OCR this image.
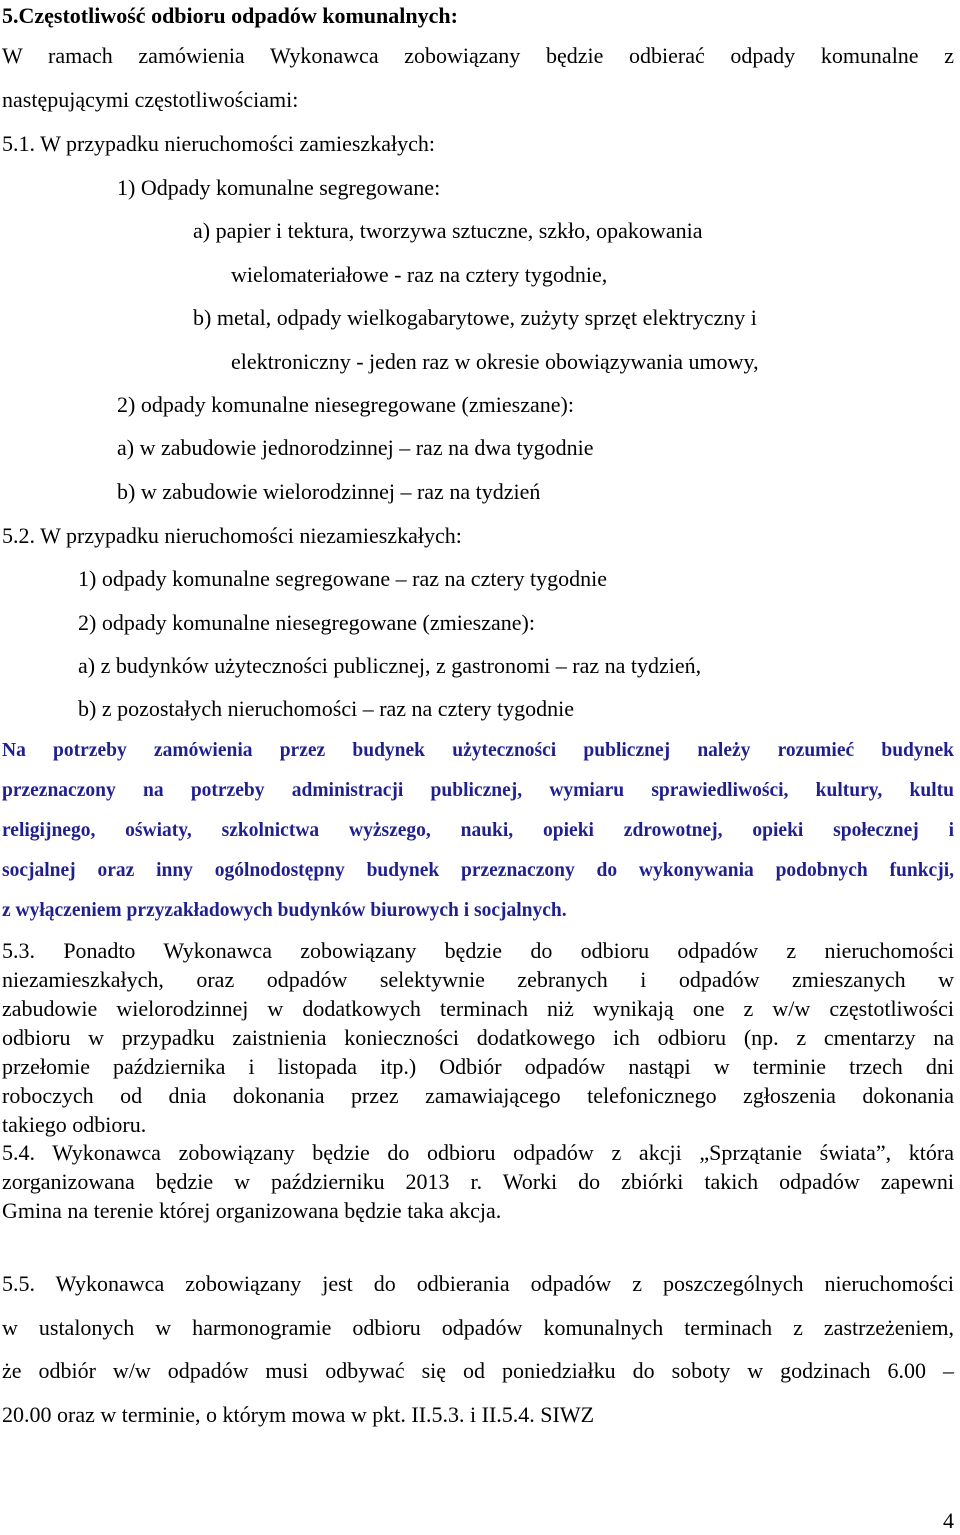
5.Częstotliwość odbioru odpadów komunalnych:
W ramach zamówienia Wykonawca zobowiązany będzie odbierać odpady komunalne z
następującymi częstotliwościami:
5.1. W przypadku nieruchomości zamieszkałych:
1) Odpady komunalne segregowane:
a) papier i tektura, tworzywa sztuczne, szkło, opakowania
wielomateriałowe - raz na cztery tygodnie,
b) metal, odpady wielkogabarytowe, zużyty sprzęt elektryczny i
elektroniczny - jeden raz w okresie obowiązywania umowy,
2) odpady komunalne niesegregowane (zmieszane):
a) w zabudowie jednorodzinnej – raz na dwa tygodnie
b) w zabudowie wielorodzinnej – raz na tydzień
5.2. W przypadku nieruchomości niezamieszkałych:
1) odpady komunalne segregowane – raz na cztery tygodnie
2) odpady komunalne niesegregowane (zmieszane):
a) z budynków użyteczności publicznej, z gastronomi – raz na tydzień,
b) z pozostałych nieruchomości – raz na cztery tygodnie
Na potrzeby zamówienia przez budynek użyteczności publicznej należy rozumieć budynek
przeznaczony na potrzeby administracji publicznej, wymiaru sprawiedliwości, kultury, kultu
religijnego, oświaty, szkolnictwa wyższego, nauki, opieki zdrowotnej, opieki społecznej i
socjalnej oraz inny ogólnodostępny budynek przeznaczony do wykonywania podobnych funkcji,
z wyłączeniem przyzakładowych budynków biurowych i socjalnych.
5.3. Ponadto Wykonawca zobowiązany będzie do odbioru odpadów z nieruchomości
niezamieszkałych, oraz odpadów selektywnie zebranych i odpadów zmieszanych w
zabudowie wielorodzinnej w dodatkowych terminach niż wynikają one z w/w częstotliwości
odbioru w przypadku zaistnienia konieczności dodatkowego ich odbioru (np. z cmentarzy na
przełomie października i listopada itp.) Odbiór odpadów nastąpi w terminie trzech dni
roboczych od dnia dokonania przez zamawiającego telefonicznego zgłoszenia dokonania
takiego odbioru.
5.4. Wykonawca zobowiązany będzie do odbioru odpadów z akcji „Sprzątanie świata”, która
zorganizowana będzie w październiku 2013 r. Worki do zbiórki takich odpadów zapewni
Gmina na terenie której organizowana będzie taka akcja.
5.5. Wykonawca zobowiązany jest do odbierania odpadów z poszczególnych nieruchomości
w ustalonych w harmonogramie odbioru odpadów komunalnych terminach z zastrzeżeniem,
że odbiór w/w odpadów musi odbywać się od poniedziałku do soboty w godzinach 6.00 –
20.00 oraz w terminie, o którym mowa w pkt. II.5.3. i II.5.4. SIWZ
4
